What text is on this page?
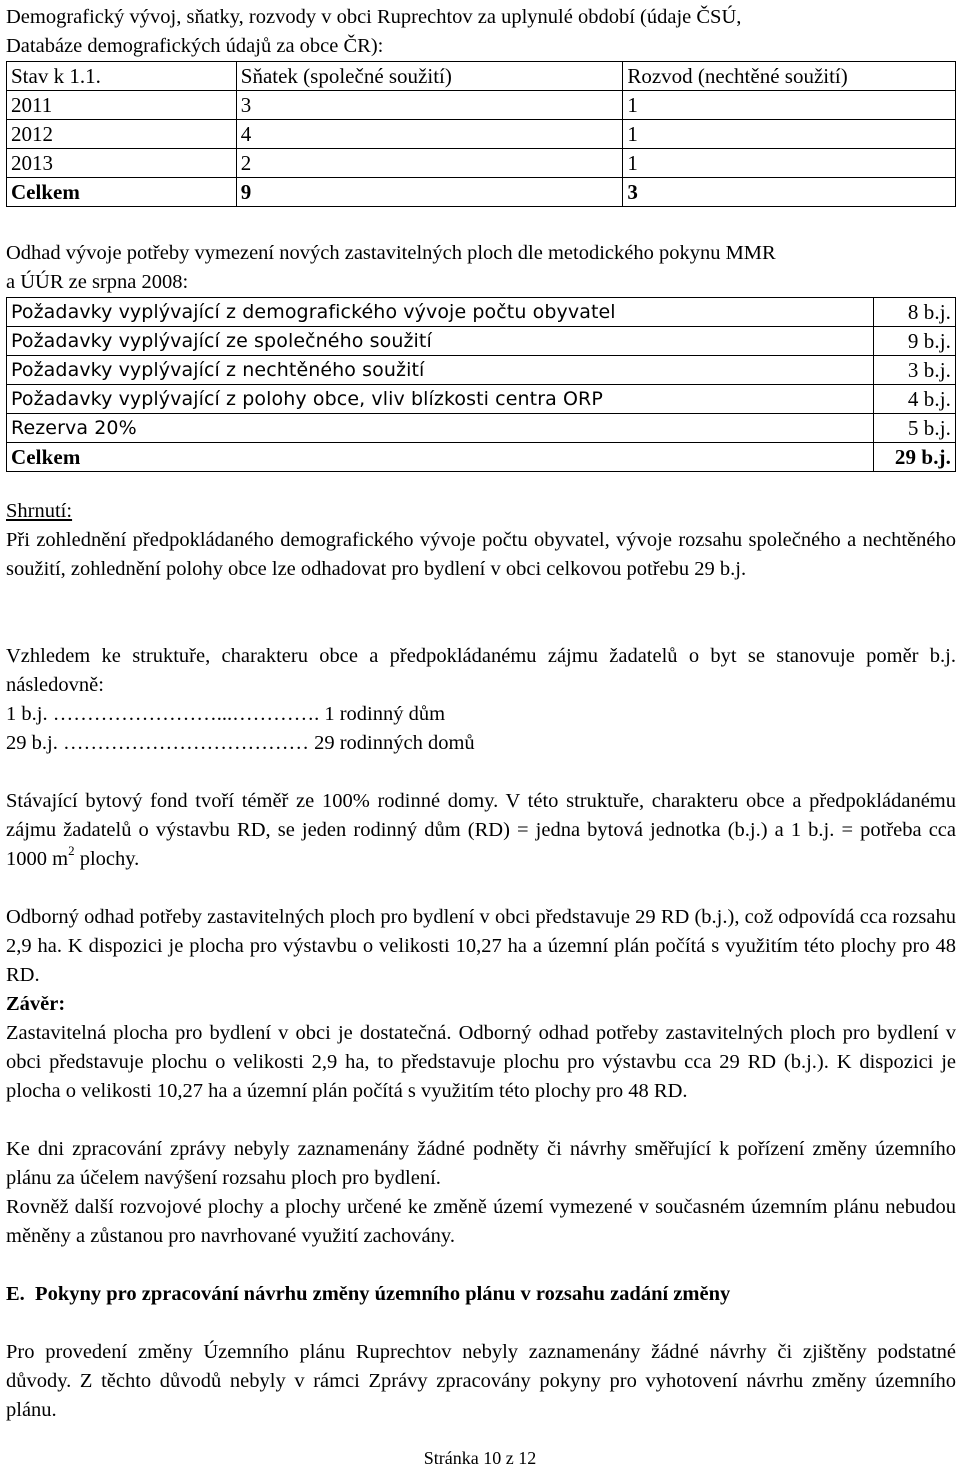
Demografický vývoj, sňatky, rozvody v obci Ruprechtov za uplynulé období (údaje ČSÚ,
Databáze demografických údajů za obce ČR):
Stav k 1.1.	Sňatek (společné soužití)	Rozvod (nechtěné soužití)
2011	3	1
2012	4	1
2013	2	1
Celkem	9	3
Odhad vývoje potřeby vymezení nových zastavitelných ploch dle metodického pokynu MMR
a ÚÚR ze srpna 2008:
Požadavky vyplývající z demografického vývoje počtu obyvatel	8 b.j.
Požadavky vyplývající ze společného soužití	9 b.j.
Požadavky vyplývající z nechtěného soužití	3 b.j.
Požadavky vyplývající z polohy obce, vliv blízkosti centra ORP	4 b.j.
Rezerva 20%	5 b.j.
Celkem	29 b.j.
Shrnutí:
Při zohlednění předpokládaného demografického vývoje počtu obyvatel, vývoje rozsahu společného a nechtěného soužití, zohlednění polohy obce lze odhadovat pro bydlení v obci celkovou potřebu 29 b.j.
Vzhledem ke struktuře, charakteru obce a předpokládanému zájmu žadatelů o byt se stanovuje poměr b.j. následovně:
1 b.j. ……………………...…………. 1 rodinný dům
29 b.j. ……………………………… 29 rodinných domů
Stávající bytový fond tvoří téměř ze 100% rodinné domy. V této struktuře, charakteru obce a předpokládanému zájmu žadatelů o výstavbu RD, se jeden rodinný dům (RD) = jedna bytová jednotka (b.j.) a 1 b.j. = potřeba cca 1000 $m^2$ plochy.
Odborný odhad potřeby zastavitelných ploch pro bydlení v obci představuje 29 RD (b.j.), což odpovídá cca rozsahu 2,9 ha. K dispozici je plocha pro výstavbu o velikosti 10,27 ha a územní plán počítá s využitím této plochy pro 48 RD.
Závěr:
Zastavitelná plocha pro bydlení v obci je dostatečná. Odborný odhad potřeby zastavitelných ploch pro bydlení v obci představuje plochu o velikosti 2,9 ha, to představuje plochu pro výstavbu cca 29 RD (b.j.). K dispozici je plocha o velikosti 10,27 ha a územní plán počítá s využitím této plochy pro 48 RD.
Ke dni zpracování zprávy nebyly zaznamenány žádné podněty či návrhy směřující k pořízení změny územního plánu za účelem navýšení rozsahu ploch pro bydlení.
Rovněž další rozvojové plochy a plochy určené ke změně území vymezené v současném územním plánu nebudou měněny a zůstanou pro navrhované využití zachovány.
E.  Pokyny pro zpracování návrhu změny územního plánu v rozsahu zadání změny
Pro provedení změny Územního plánu Ruprechtov nebyly zaznamenány žádné návrhy či zjištěny podstatné důvody. Z těchto důvodů nebyly v rámci Zprávy zpracovány pokyny pro vyhotovení návrhu změny územního plánu.
Stránka 10 z 12
